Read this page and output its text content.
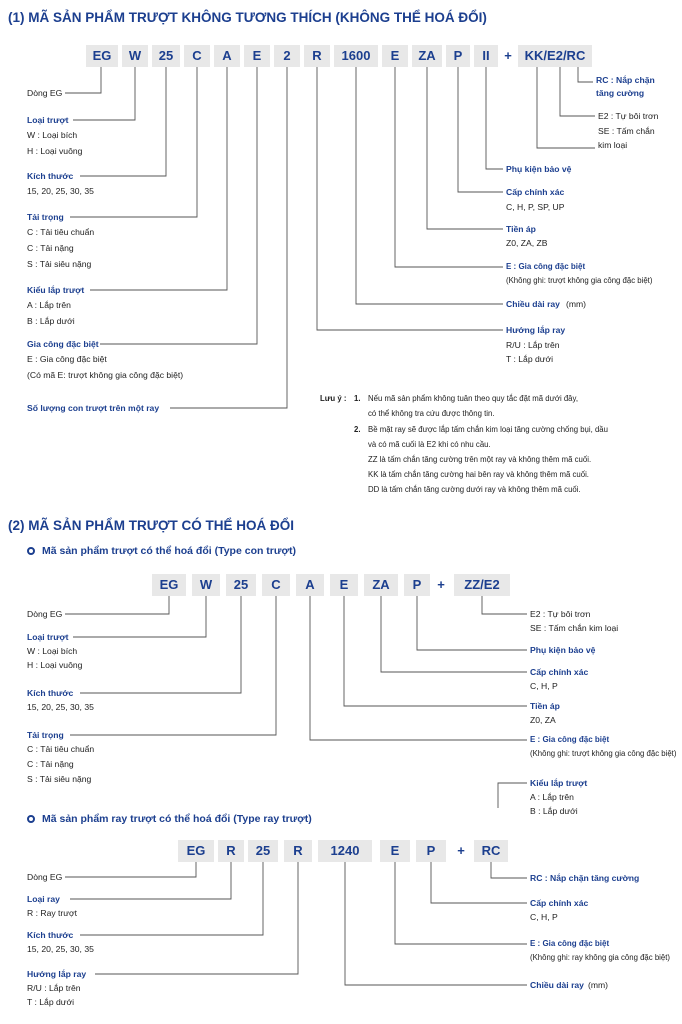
(1) MÃ SẢN PHẨM TRƯỢT KHÔNG TƯƠNG THÍCH (KHÔNG THỂ HOÁ ĐỔI)
EG	W	25	C	A	E	2	R	1600	E	ZA	P	II	+ KK/E2/RC
Dòng EG
Loại trượt
W : Loại bích
H : Loại vuông
Kích thước
15, 20, 25, 30, 35
Tải trọng
C : Tải tiêu chuẩn
C : Tải nặng
S : Tải siêu nặng
Kiểu lắp trượt
A : Lắp trên
B : Lắp dưới
Gia công đặc biệt
E : Gia công đặc biệt
(Có mã E: trượt không gia công đặc biệt)
Số lượng con trượt trên một ray
RC : Nắp chặn
tăng cường
E2 : Tự bôi trơn
SE : Tấm chắn
kim loại
Phụ kiện bảo vệ
Cấp chính xác
C, H, P, SP, UP
Tiền áp
Z0, ZA, ZB
E : Gia công đặc biệt
(Không ghi: trượt không gia công đặc biệt)
Chiều dài ray (mm)
Hướng lắp ray
R/U : Lắp trên
T : Lắp dưới
Lưu ý : 1. Nếu mã sản phẩm không tuân theo quy tắc đặt mã dưới đây,
có thể không tra cứu được thông tin.
2. Bề mặt ray sẽ được lắp tấm chắn kim loại tăng cường chống bụi, dầu
và có mã cuối là E2 khi có nhu cầu.
ZZ là tấm chắn tăng cường trên một ray và không thêm mã cuối.
KK là tấm chắn tăng cường hai bên ray và không thêm mã cuối.
DD là tấm chắn tăng cường dưới ray và không thêm mã cuối.
(2) MÃ SẢN PHẨM TRƯỢT CÓ THỂ HOÁ ĐỔI
Mã sản phẩm trượt có thể hoá đổi (Type con trượt)
EG	W	25	C	A	E	ZA	P	+	ZZ/E2
Dòng EG
Loại trượt
W : Loại bích
H : Loại vuông
Kích thước
15, 20, 25, 30, 35
Tải trọng
C : Tải tiêu chuẩn
C : Tải nặng
S : Tải siêu nặng
E2 : Tự bôi trơn
SE : Tấm chắn kim loại
Phụ kiện bảo vệ
Cấp chính xác
C, H, P
Tiền áp
Z0, ZA
E : Gia công đặc biệt
(Không ghi: trượt không gia công đặc biệt)
Kiểu lắp trượt
A : Lắp trên
B : Lắp dưới
Mã sản phẩm ray trượt có thể hoá đổi (Type ray trượt)
EG	R	25	R	1240	E	P	+	RC
Dòng EG
Loại ray
R : Ray trượt
Kích thước
15, 20, 25, 30, 35
Hướng lắp ray
R/U : Lắp trên
T : Lắp dưới
RC : Nắp chặn tăng cường
Cấp chính xác
C, H, P
E : Gia công đặc biệt
(Không ghi: ray không gia công đặc biệt)
Chiều dài ray (mm)
